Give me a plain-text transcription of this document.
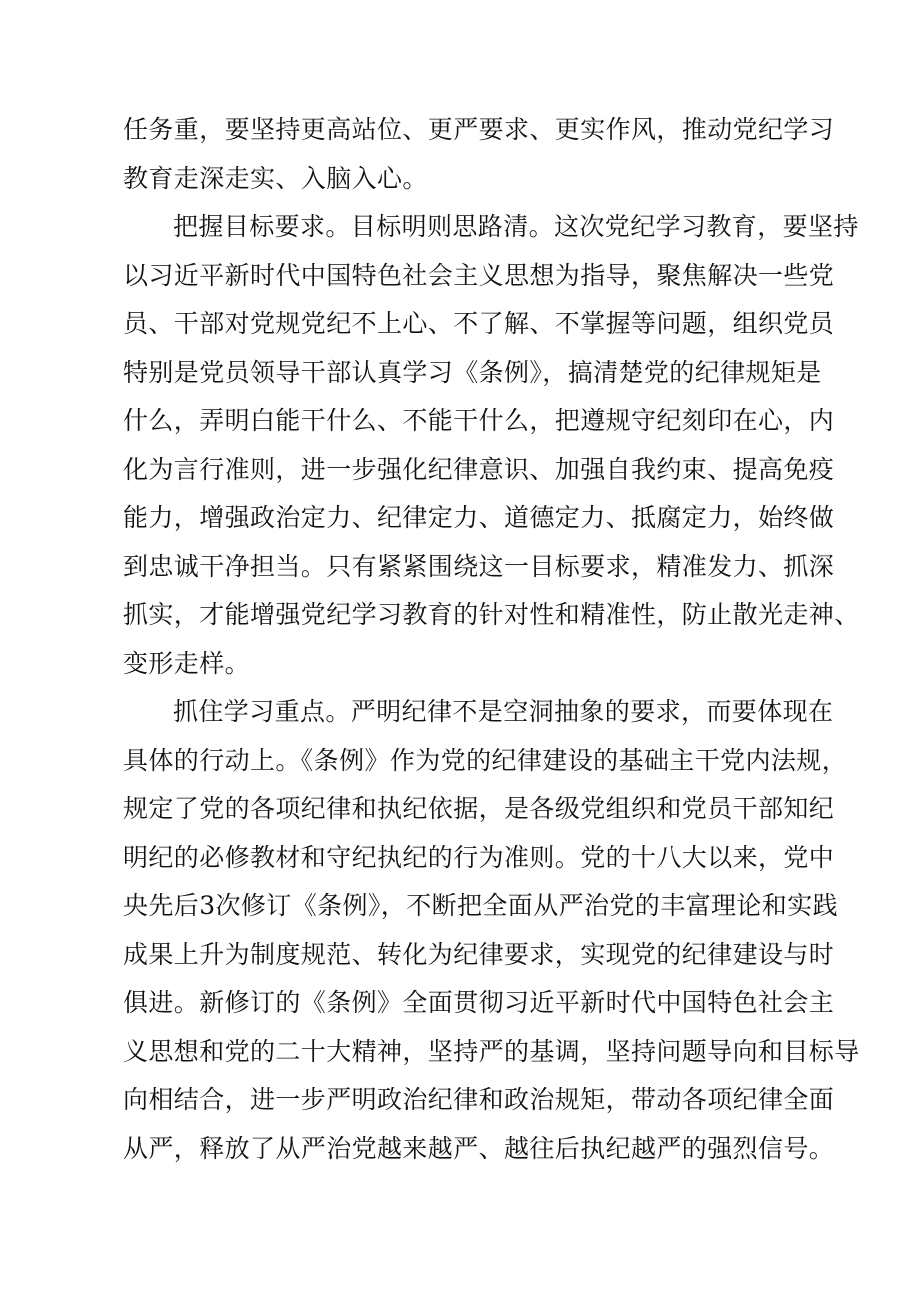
任务重，要坚持更高站位、更严要求、更实作风，推动党纪学习
教育走深走实、入脑入心。
把握目标要求。目标明则思路清。这次党纪学习教育，要坚持
以习近平新时代中国特色社会主义思想为指导，聚焦解决一些党
员、干部对党规党纪不上心、不了解、不掌握等问题，组织党员
特别是党员领导干部认真学习《条例》，搞清楚党的纪律规矩是
什么，弄明白能干什么、不能干什么，把遵规守纪刻印在心，内
化为言行准则，进一步强化纪律意识、加强自我约束、提高免疫
能力，增强政治定力、纪律定力、道德定力、抵腐定力，始终做
到忠诚干净担当。只有紧紧围绕这一目标要求，精准发力、抓深
抓实，才能增强党纪学习教育的针对性和精准性，防止散光走神、
变形走样。
抓住学习重点。严明纪律不是空洞抽象的要求，而要体现在
具体的行动上。《条例》作为党的纪律建设的基础主干党内法规，
规定了党的各项纪律和执纪依据，是各级党组织和党员干部知纪
明纪的必修教材和守纪执纪的行为准则。党的十八大以来，党中
央先后3次修订《条例》，不断把全面从严治党的丰富理论和实践
成果上升为制度规范、转化为纪律要求，实现党的纪律建设与时
俱进。新修订的《条例》全面贯彻习近平新时代中国特色社会主
义思想和党的二十大精神，坚持严的基调，坚持问题导向和目标导
向相结合，进一步严明政治纪律和政治规矩，带动各项纪律全面
从严，释放了从严治党越来越严、越往后执纪越严的强烈信号。
